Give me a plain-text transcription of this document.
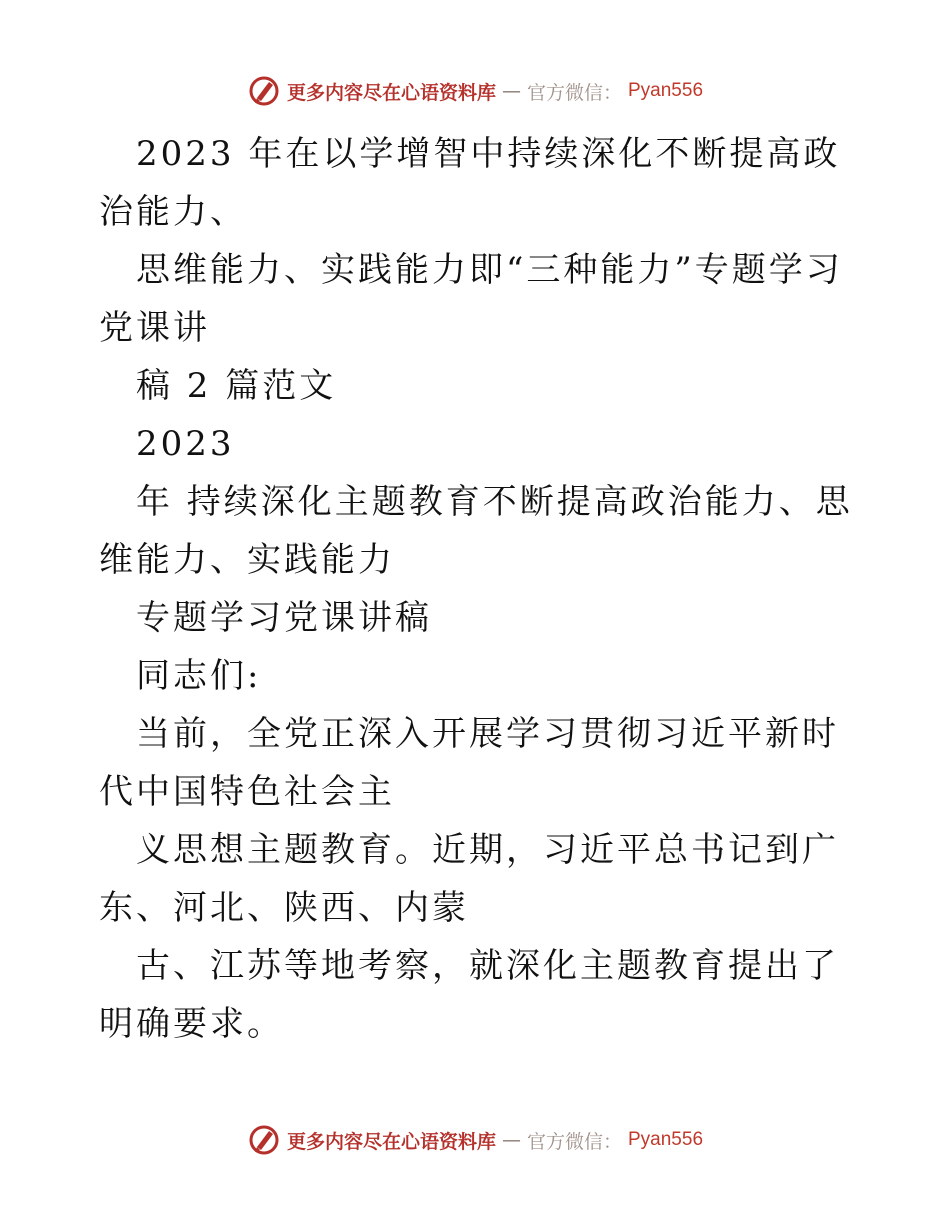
更多内容尽在心语资料库 — 官方微信： Pyan556

2023 年在以学增智中持续深化不断提高政治能力、

思维能力、实践能力即“三种能力”专题学习党课讲

稿 2 篇范文

2023

年 持续深化主题教育不断提高政治能力、思维能力、实践能力

专题学习党课讲稿

同志们:

当前，全党正深入开展学习贯彻习近平新时代中国特色社会主

义思想主题教育。近期，习近平总书记到广东、河北、陕西、内蒙

古、江苏等地考察，就深化主题教育提出了明确要求。

更多内容尽在心语资料库 — 官方微信： Pyan556
